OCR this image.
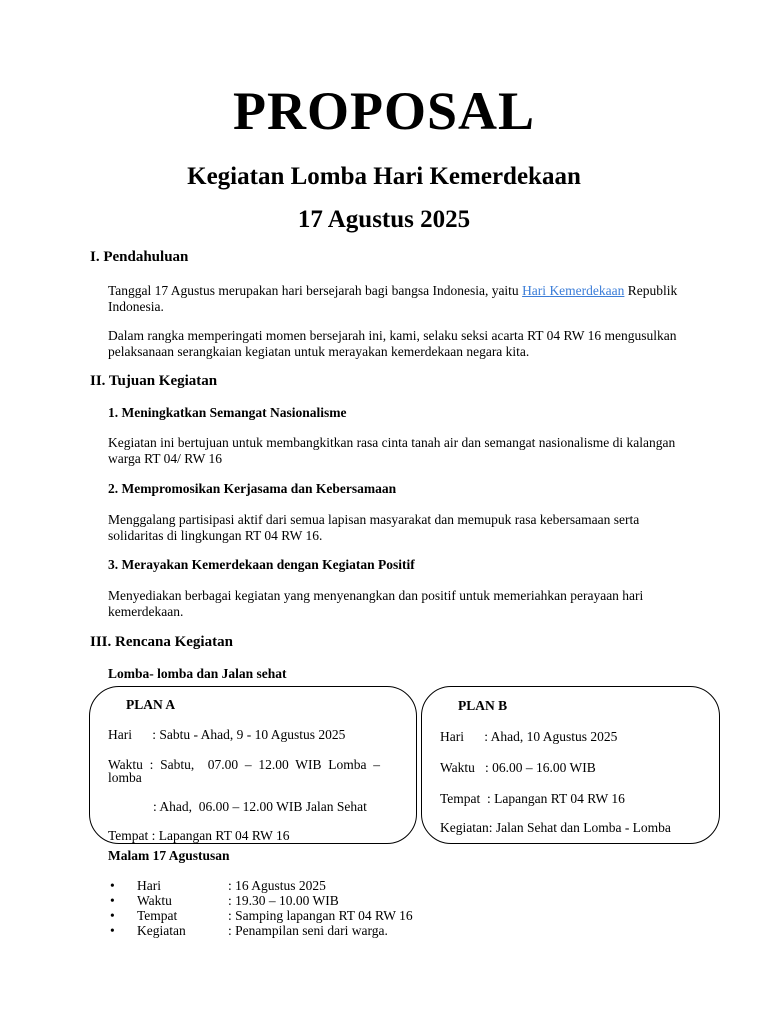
PROPOSAL
Kegiatan Lomba Hari Kemerdekaan
17 Agustus 2025
I. Pendahuluan
Tanggal 17 Agustus merupakan hari bersejarah bagi bangsa Indonesia, yaitu Hari Kemerdekaan Republik Indonesia.
Dalam rangka memperingati momen bersejarah ini, kami, selaku seksi acarta RT 04 RW 16 mengusulkan pelaksanaan serangkaian kegiatan untuk merayakan kemerdekaan negara kita.
II. Tujuan Kegiatan
1. Meningkatkan Semangat Nasionalisme
Kegiatan ini bertujuan untuk membangkitkan rasa cinta tanah air dan semangat nasionalisme di kalangan warga RT 04/ RW 16
2. Mempromosikan Kerjasama dan Kebersamaan
Menggalang partisipasi aktif dari semua lapisan masyarakat dan memupuk rasa kebersamaan serta solidaritas di lingkungan RT 04 RW 16.
3. Merayakan Kemerdekaan dengan Kegiatan Positif
Menyediakan berbagai kegiatan yang menyenangkan dan positif untuk memeriahkan perayaan hari kemerdekaan.
III. Rencana Kegiatan
Lomba- lomba dan Jalan sehat
PLAN A
Hari      : Sabtu - Ahad, 9 - 10 Agustus 2025
Waktu  :  Sabtu,    07.00  –  12.00  WIB  Lomba  –
lomba
: Ahad,  06.00 – 12.00 WIB Jalan Sehat
Tempat : Lapangan RT 04 RW 16
PLAN B
Hari      : Ahad, 10 Agustus 2025
Waktu   : 06.00 – 16.00 WIB
Tempat  : Lapangan RT 04 RW 16
Kegiatan: Jalan Sehat dan Lomba - Lomba
Malam 17 Agustusan
• Hari	: 16 Agustus 2025
• Waktu	: 19.30 – 10.00 WIB
• Tempat	: Samping lapangan RT 04 RW 16
• Kegiatan	: Penampilan seni dari warga.
